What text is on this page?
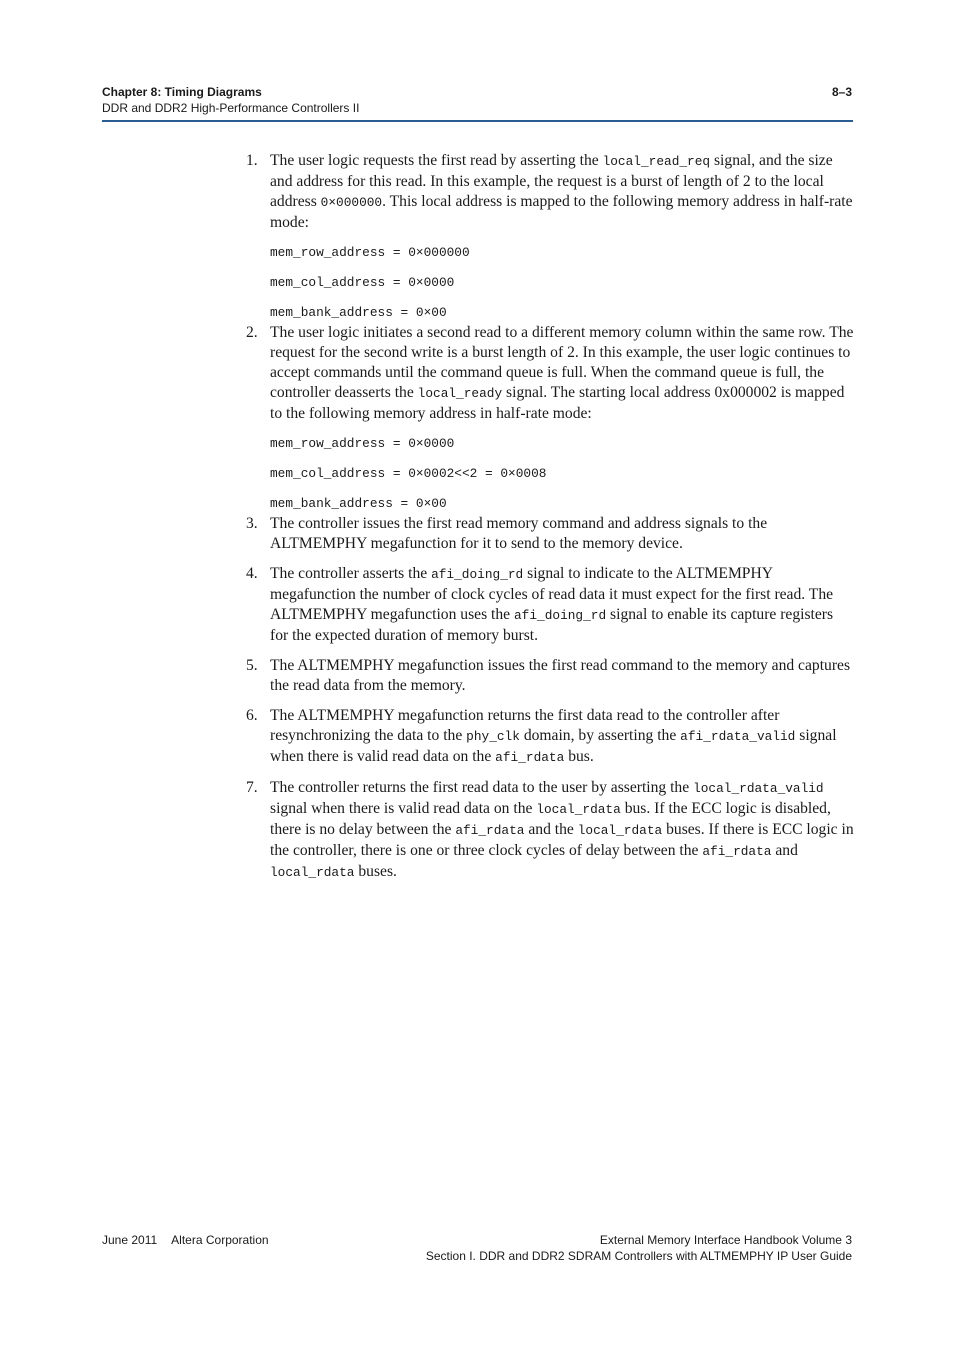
Chapter 8: Timing Diagrams
DDR and DDR2 High-Performance Controllers II
8–3
1. The user logic requests the first read by asserting the local_read_req signal, and the size and address for this read. In this example, the request is a burst of length of 2 to the local address 0×000000. This local address is mapped to the following memory address in half-rate mode:
mem_row_address = 0×000000
mem_col_address = 0×0000
mem_bank_address = 0×00
2. The user logic initiates a second read to a different memory column within the same row. The request for the second write is a burst length of 2. In this example, the user logic continues to accept commands until the command queue is full. When the command queue is full, the controller deasserts the local_ready signal. The starting local address 0x000002 is mapped to the following memory address in half-rate mode:
mem_row_address = 0×0000
mem_col_address = 0×0002<<2 = 0×0008
mem_bank_address = 0×00
3. The controller issues the first read memory command and address signals to the ALTMEMPHY megafunction for it to send to the memory device.
4. The controller asserts the afi_doing_rd signal to indicate to the ALTMEMPHY megafunction the number of clock cycles of read data it must expect for the first read. The ALTMEMPHY megafunction uses the afi_doing_rd signal to enable its capture registers for the expected duration of memory burst.
5. The ALTMEMPHY megafunction issues the first read command to the memory and captures the read data from the memory.
6. The ALTMEMPHY megafunction returns the first data read to the controller after resynchronizing the data to the phy_clk domain, by asserting the afi_rdata_valid signal when there is valid read data on the afi_rdata bus.
7. The controller returns the first read data to the user by asserting the local_rdata_valid signal when there is valid read data on the local_rdata bus. If the ECC logic is disabled, there is no delay between the afi_rdata and the local_rdata buses. If there is ECC logic in the controller, there is one or three clock cycles of delay between the afi_rdata and local_rdata buses.
June 2011 Altera Corporation	External Memory Interface Handbook Volume 3
Section I. DDR and DDR2 SDRAM Controllers with ALTMEMPHY IP User Guide
